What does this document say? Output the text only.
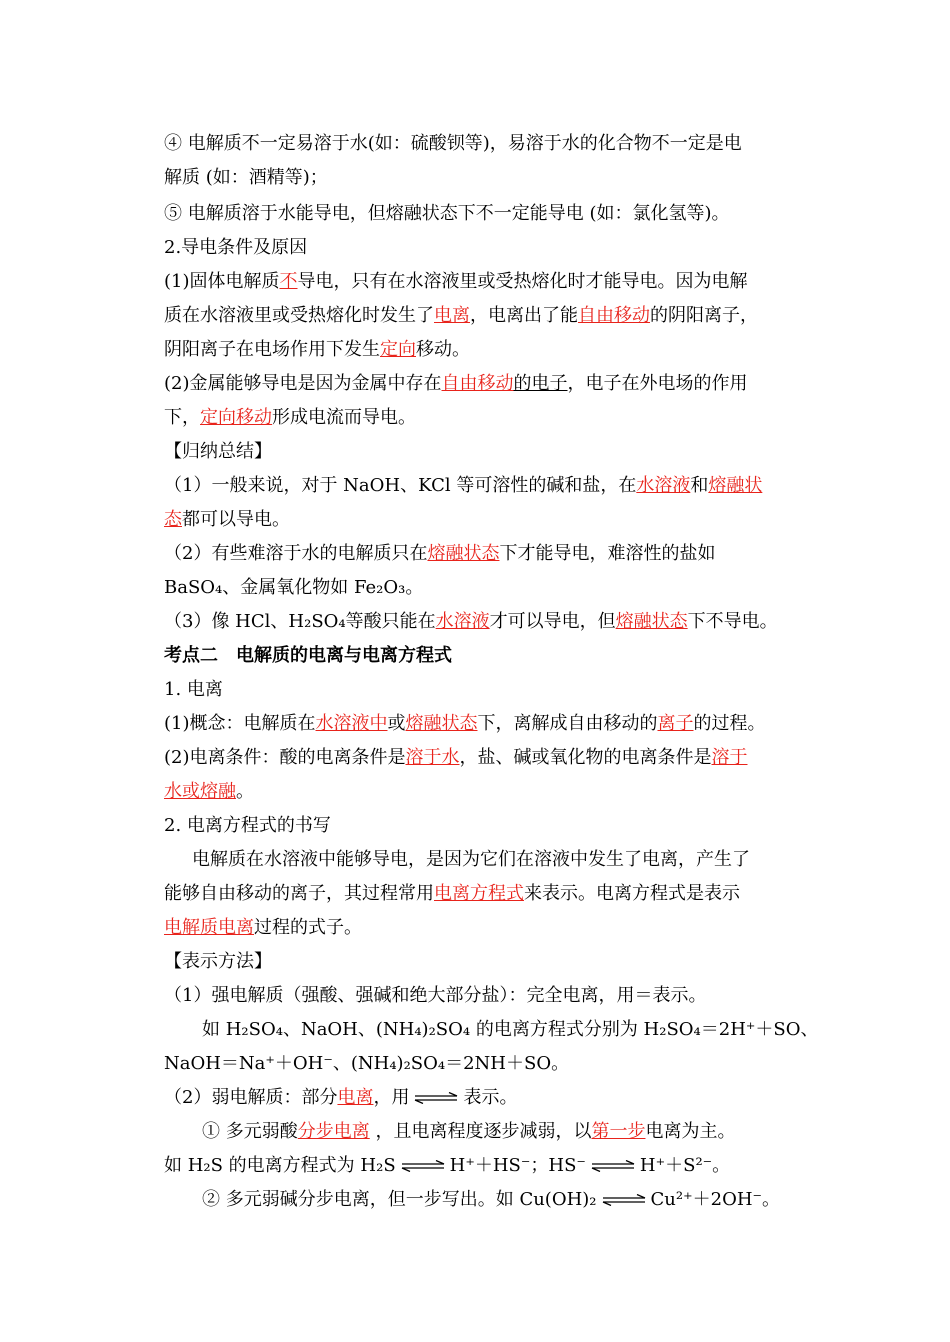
④ 电解质不一定易溶于水(如：硫酸钡等)，易溶于水的化合物不一定是电
解质 (如：酒精等)；
⑤ 电解质溶于水能导电，但熔融状态下不一定能导电 (如：氯化氢等)。
2.导电条件及原因
(1)固体电解质不导电，只有在水溶液里或受热熔化时才能导电。因为电解
质在水溶液里或受热熔化时发生了电离，电离出了能自由移动的阴阳离子，
阴阳离子在电场作用下发生定向移动。
(2)金属能够导电是因为金属中存在自由移动的电子，电子在外电场的作用
下，定向移动形成电流而导电。
【归纳总结】
（1）一般来说，对于 NaOH、KCl 等可溶性的碱和盐，在水溶液和熔融状
态都可以导电。
（2）有些难溶于水的电解质只在熔融状态下才能导电，难溶性的盐如
BaSO₄、金属氧化物如 Fe₂O₃。
（3）像 HCl、H₂SO₄等酸只能在水溶液才可以导电，但熔融状态下不导电。
考点二　电解质的电离与电离方程式
1. 电离
(1)概念：电解质在水溶液中或熔融状态下，离解成自由移动的离子的过程。
(2)电离条件：酸的电离条件是溶于水，盐、碱或氧化物的电离条件是溶于
水或熔融。
2. 电离方程式的书写
电解质在水溶液中能够导电，是因为它们在溶液中发生了电离，产生了
能够自由移动的离子，其过程常用电离方程式来表示。电离方程式是表示
电解质电离过程的式子。
【表示方法】
（1）强电解质（强酸、强碱和绝大部分盐）：完全电离，用＝表示。
如 H₂SO₄、NaOH、(NH₄)₂SO₄ 的电离方程式分别为 H₂SO₄＝2H⁺＋SO、
NaOH＝Na⁺＋OH⁻、(NH₄)₂SO₄＝2NH＋SO。
（2）弱电解质：部分电离，用 ⇌ 表示。
① 多元弱酸分步电离 ，且电离程度逐步减弱，以第一步电离为主。
如 H₂S 的电离方程式为 H₂S ⇌ H⁺＋HS⁻；HS⁻ ⇌ H⁺＋S²⁻。
② 多元弱碱分步电离，但一步写出。如 Cu(OH)₂ ⇌ Cu²⁺＋2OH⁻。
